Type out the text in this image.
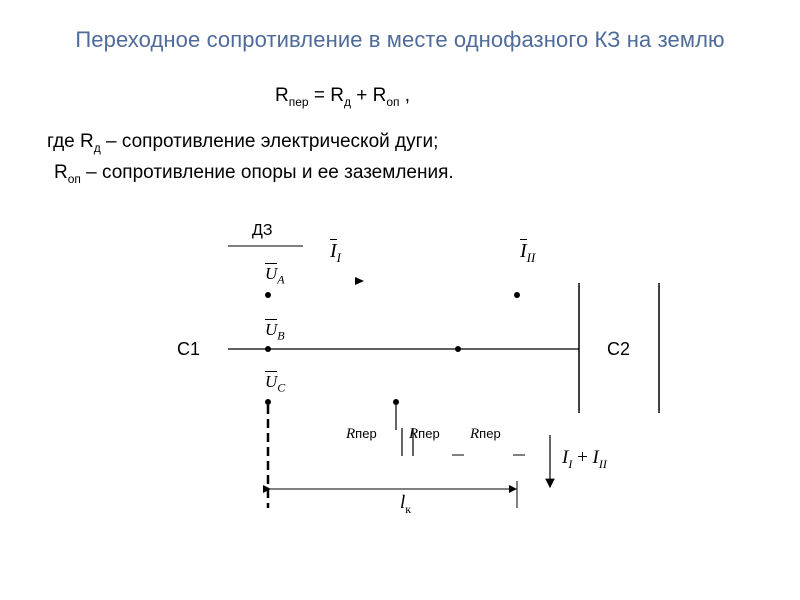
Переходное сопротивление в месте однофазного КЗ на землю
$R_{пер} = R_д + R_{оп}$ ,
где $R_д$ – сопротивление электрической дуги;
$R_{оп}$ – сопротивление опоры и ее заземления.
ДЗ
С1	С2
$I_I$	$I_{II}$
$U_A$
$U_B$
$U_C$
Rпер Rпер Rпер
$I_I + I_{II}$
$l_к$
